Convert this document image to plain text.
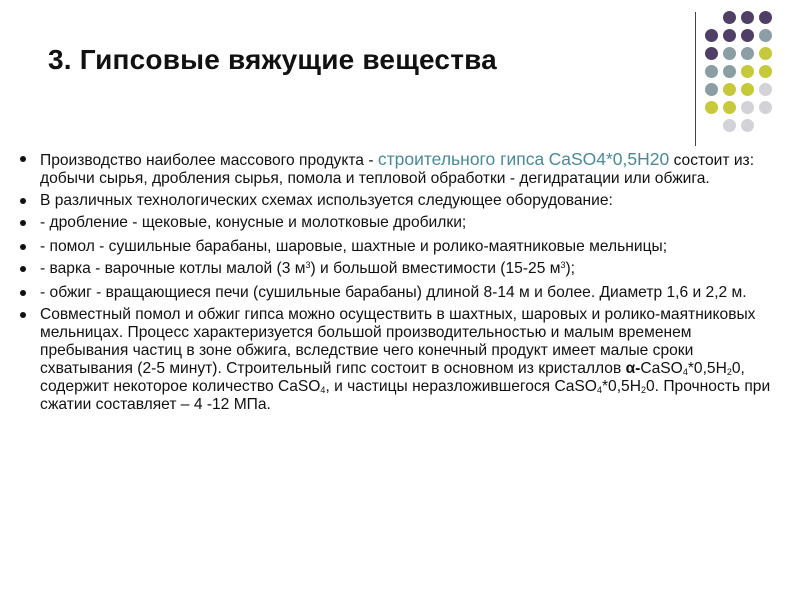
3. Гипсовые вяжущие вещества
Производство наиболее массового продукта - строительного гипса CaSO4*0,5H20 состоит из: добычи сырья, дробления сырья, помола и тепловой обработки - дегидратации или обжига.
В различных технологических схемах используется следующее оборудование:
- дробление - щековые, конусные и молотковые дробилки;
- помол - сушильные барабаны, шаровые, шахтные и ролико-маятниковые мельницы;
- варка - варочные котлы малой (3 $м^3$) и большой вместимости (15-25 $м^3$);
- обжиг - вращающиеся печи (сушильные барабаны) длиной 8-14 м и более. Диаметр 1,6 и 2,2 м.
Совместный помол и обжиг гипса можно осуществить в шахтных, шаровых и ролико-маятниковых мельницах. Процесс характеризуется большой производительностью и малым временем пребывания частиц в зоне обжига, вследствие чего конечный продукт имеет малые сроки схватывания (2-5 минут). Строительный гипс состоит в основном из кристаллов $\alpha-CaSO_4*0,5H_20$, содержит некоторое количество CaSO$_4$, и частицы неразложившегося $CaSO_4*0,5H_20$. Прочность при сжатии составляет – 4 -12 МПа.
